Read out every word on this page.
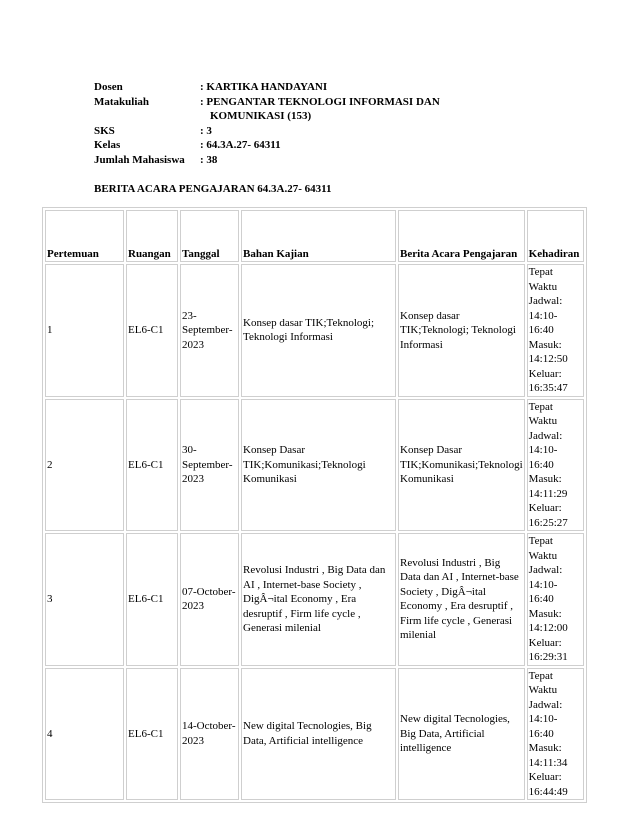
Dosen	: KARTIKA HANDAYANI
Matakuliah	: PENGANTAR TEKNOLOGI INFORMASI DAN
KOMUNIKASI (153)
SKS	: 3
Kelas	: 64.3A.27- 64311
Jumlah Mahasiswa	: 38
BERITA ACARA PENGAJARAN 64.3A.27- 64311
Pertemuan	Ruangan	Tanggal	Bahan Kajian	Berita Acara Pengajaran	Kehadiran
1	EL6-C1	23-September-2023	Konsep dasar TIK;Teknologi; Teknologi Informasi	Konsep dasar TIK;Teknologi; Teknologi Informasi	Tepat Waktu Jadwal: 14:10-16:40 Masuk: 14:12:50 Keluar: 16:35:47
2	EL6-C1	30-September-2023	Konsep Dasar TIK;Komunikasi;Teknologi Komunikasi	Konsep Dasar TIK;Komunikasi;Teknologi Komunikasi	Tepat Waktu Jadwal: 14:10-16:40 Masuk: 14:11:29 Keluar: 16:25:27
3	EL6-C1	07-October-2023	Revolusi Industri , Big Data dan AI , Internet-base Society , DigÂ¬ital Economy , Era desruptif , Firm life cycle , Generasi milenial	Revolusi Industri , Big Data dan AI , Internet-base Society , DigÂ¬ital Economy , Era desruptif , Firm life cycle , Generasi milenial	Tepat Waktu Jadwal: 14:10-16:40 Masuk: 14:12:00 Keluar: 16:29:31
4	EL6-C1	14-October-2023	New digital Tecnologies, Big Data, Artificial intelligence	New digital Tecnologies, Big Data, Artificial intelligence	Tepat Waktu Jadwal: 14:10-16:40 Masuk: 14:11:34 Keluar: 16:44:49
